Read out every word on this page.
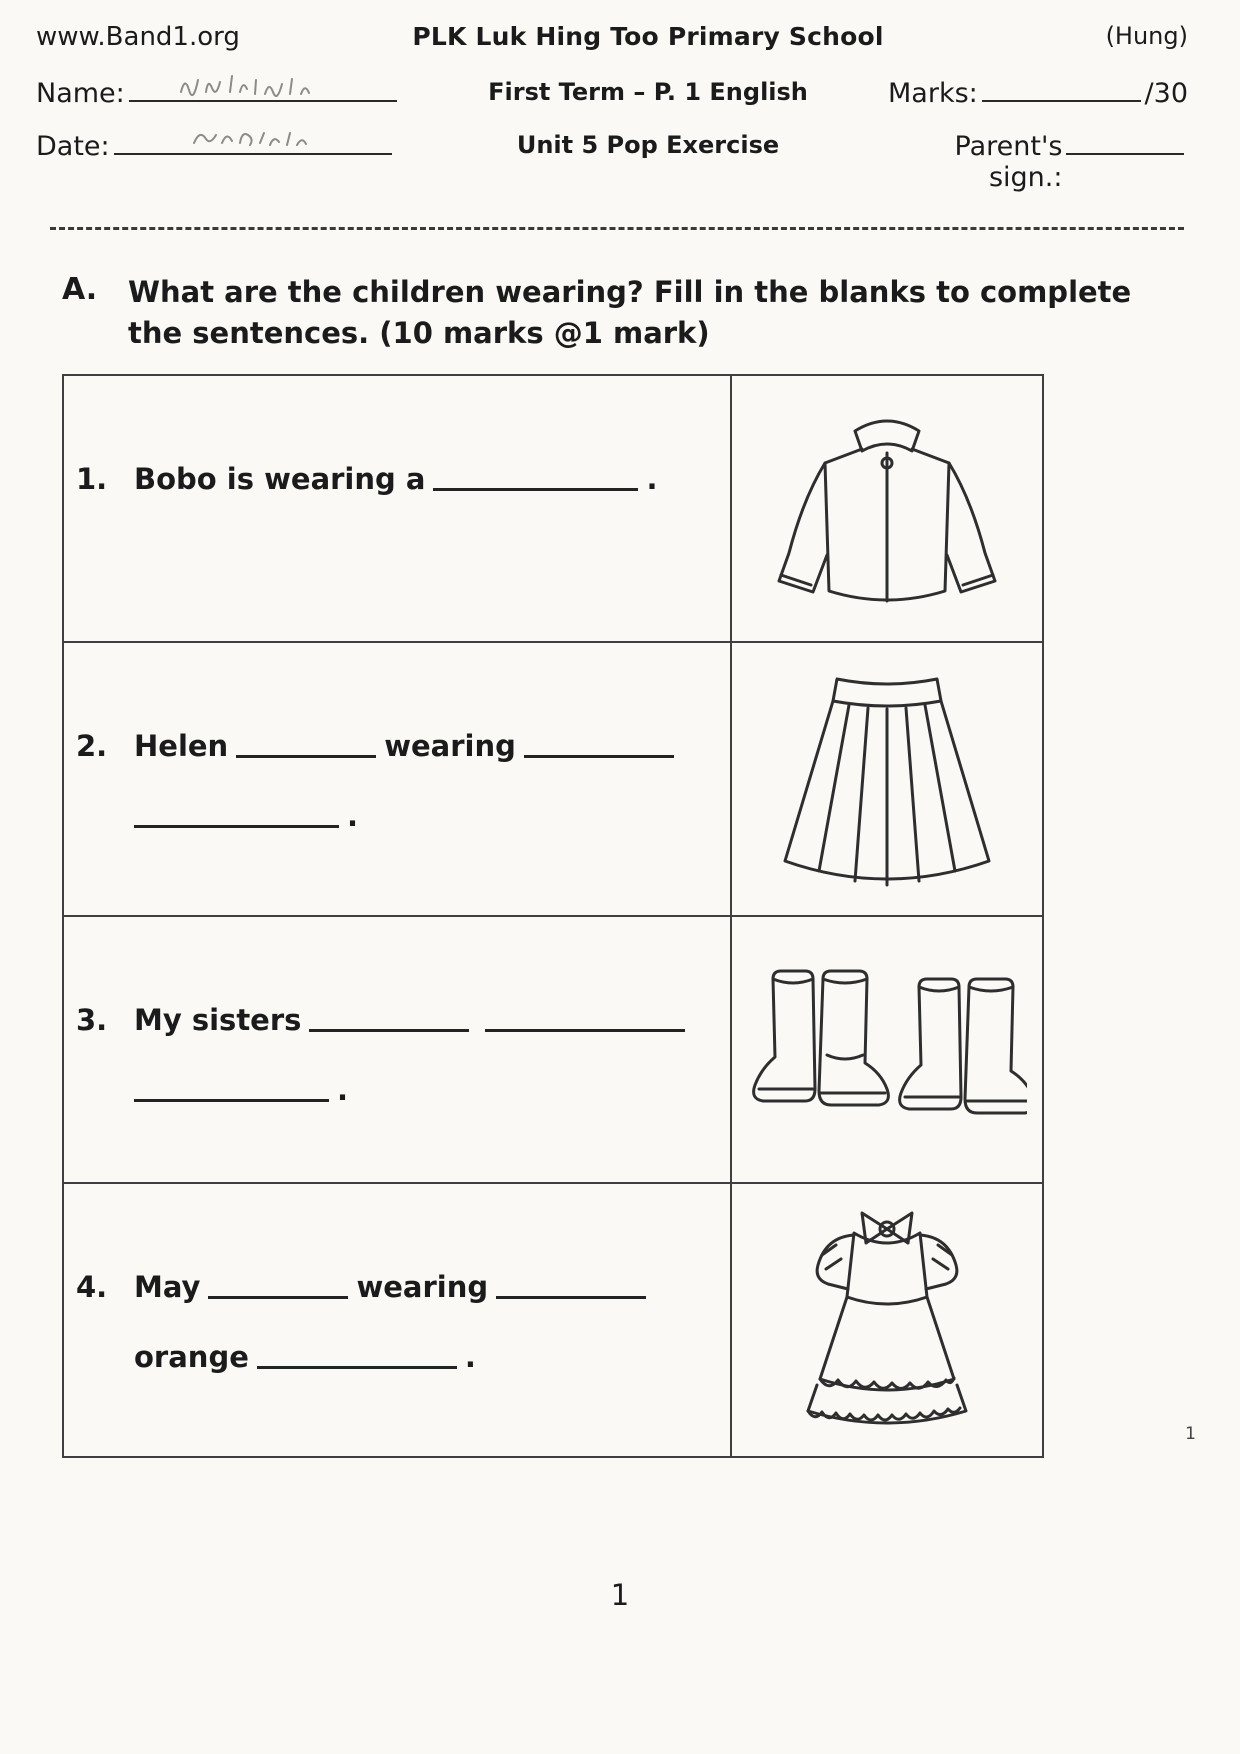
www.Band1.org	PLK Luk Hing Too Primary School	(Hung)
Name:	First Term – P. 1 English	Marks:	/30
Date:	Unit 5 Pop Exercise	Parent's sign.:
A.	What are the children wearing? Fill in the blanks to complete
the sentences. (10 marks @1 mark)
1. Bobo is wearing a	.
2. Helen	wearing
.
3. My sisters
.
4. May	wearing
orange	.
1
1
